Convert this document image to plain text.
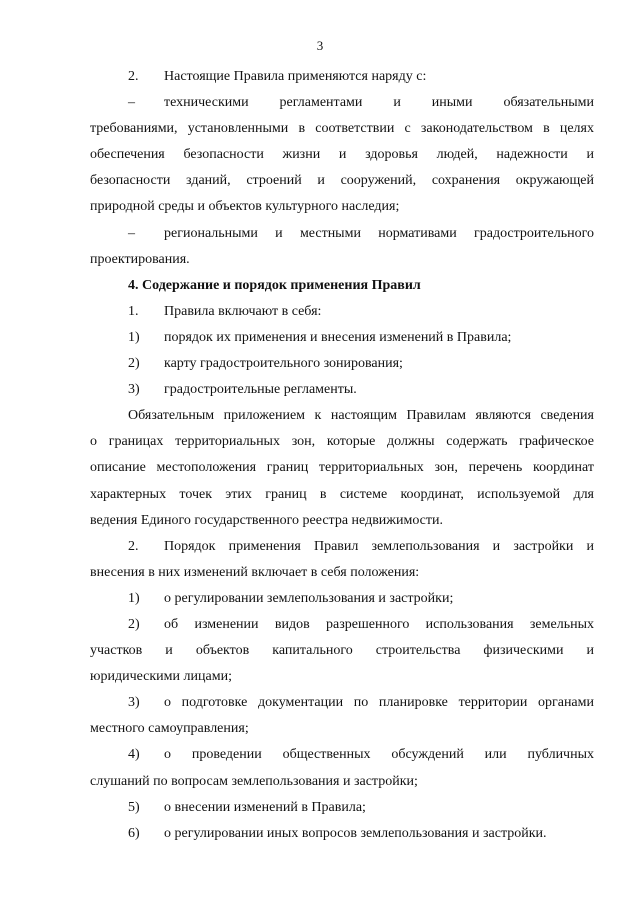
3
2. Настоящие Правила применяются наряду с:
– техническими регламентами и иными обязательными
требованиями, установленными в соответствии с законодательством в целях
обеспечения безопасности жизни и здоровья людей, надежности и
безопасности зданий, строений и сооружений, сохранения окружающей
природной среды и объектов культурного наследия;
– региональными и местными нормативами градостроительного
проектирования.
4. Содержание и порядок применения Правил
1. Правила включают в себя:
1) порядок их применения и внесения изменений в Правила;
2) карту градостроительного зонирования;
3) градостроительные регламенты.
Обязательным приложением к настоящим Правилам являются сведения
о границах территориальных зон, которые должны содержать графическое
описание местоположения границ территориальных зон, перечень координат
характерных точек этих границ в системе координат, используемой для
ведения Единого государственного реестра недвижимости.
2. Порядок применения Правил землепользования и застройки и
внесения в них изменений включает в себя положения:
1) о регулировании землепользования и застройки;
2) об изменении видов разрешенного использования земельных
участков и объектов капитального строительства физическими и
юридическими лицами;
3) о подготовке документации по планировке территории органами
местного самоуправления;
4) о проведении общественных обсуждений или публичных
слушаний по вопросам землепользования и застройки;
5) о внесении изменений в Правила;
6) о регулировании иных вопросов землепользования и застройки.
